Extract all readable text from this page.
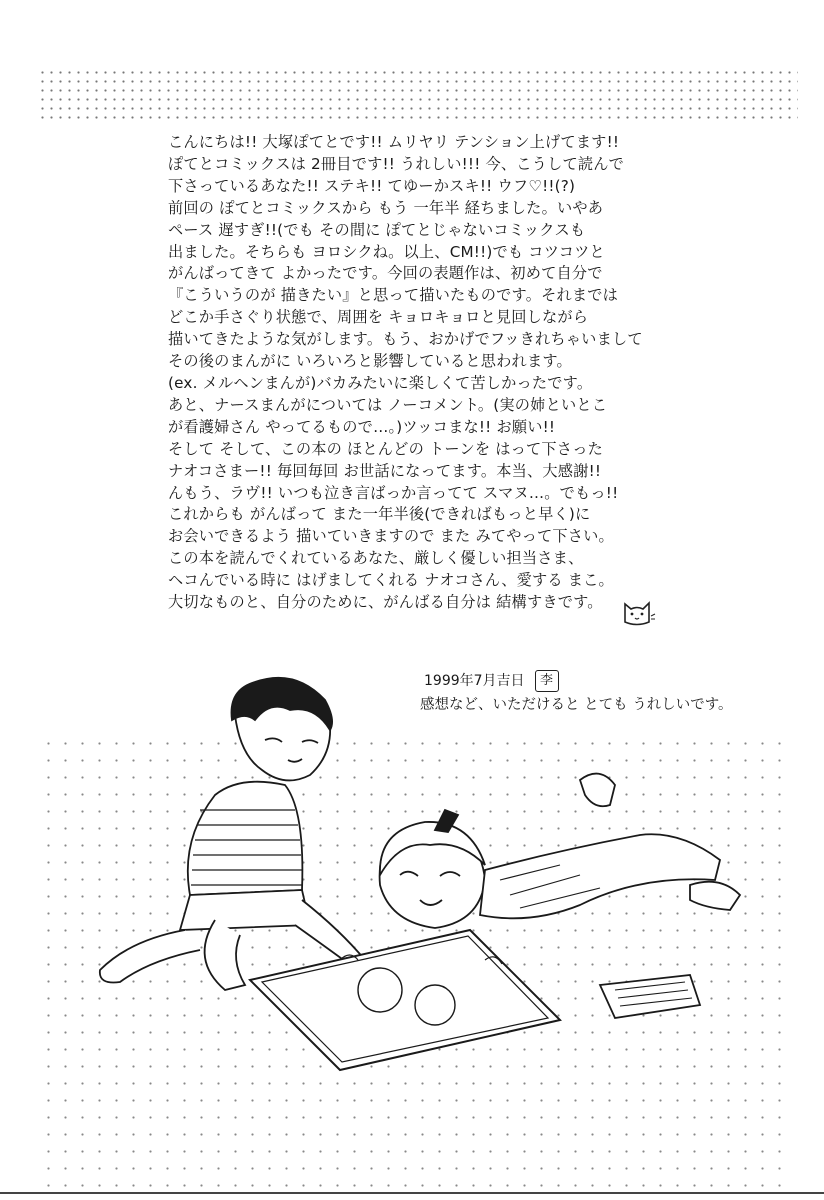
こんにちは!! 大塚ぽてとです!! ムリヤリ テンション上げてます!!
ぽてとコミックスは 2冊目です!! うれしい!!! 今、こうして読んで
下さっているあなた!! ステキ!! てゆーかスキ!! ウフ♡!!(?)
前回の ぽてとコミックスから もう 一年半 経ちました。いやあ
ペース 遅すぎ!!(でも その間に ぽてとじゃないコミックスも
出ました。そちらも ヨロシクね。以上、CM!!)でも コツコツと
がんばってきて よかったです。今回の表題作は、初めて自分で
『こういうのが 描きたい』と思って描いたものです。それまでは
どこか手さぐり状態で、周囲を キョロキョロと見回しながら
描いてきたような気がします。もう、おかげでフッきれちゃいまして
その後のまんがに いろいろと影響していると思われます。
(ex. メルヘンまんが)バカみたいに楽しくて苦しかったです。
あと、ナースまんがについては ノーコメント。(実の姉といとこ
が看護婦さん やってるもので…。)ツッコまな!! お願い!!
そして そして、この本の ほとんどの トーンを はって下さった
ナオコさまー!! 毎回毎回 お世話になってます。本当、大感謝!!
んもう、ラヴ!! いつも泣き言ばっか言ってて スマヌ…。でもっ!!
これからも がんばって また一年半後(できればもっと早く)に
お会いできるよう 描いていきますので また みてやって下さい。
この本を読んでくれているあなた、厳しく優しい担当さま、
ヘコんでいる時に はげましてくれる ナオコさん、愛する まこ。
大切なものと、自分のために、がんばる自分は 結構すきです。
1999年7月吉日 李
感想など、いただけると とても うれしいです。
